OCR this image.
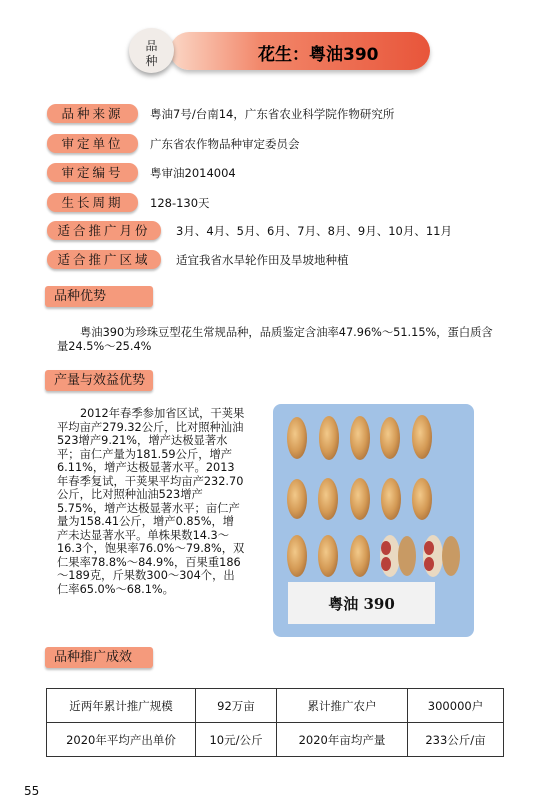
花生：粤油390
品
种
品种来源	粤油7号/台南14，广东省农业科学院作物研究所
审定单位	广东省农作物品种审定委员会
审定编号	粤审油2014004
生长周期	128-130天
适合推广月份	3月、4月、5月、6月、7月、8月、9月、10月、11月
适合推广区域	适宜我省水旱轮作田及旱坡地种植
品种优势
粤油390为珍珠豆型花生常规品种，品质鉴定含油率47.96%～51.15%，蛋白质含量24.5%～25.4%
产量与效益优势
2012年春季参加省区试，干荚果平均亩产279.32公斤，比对照种汕油523增产9.21%，增产达极显著水平；亩仁产量为181.59公斤，增产6.11%，增产达极显著水平。2013年春季复试，干荚果平均亩产232.70公斤，比对照种汕油523增产5.75%，增产达极显著水平；亩仁产量为158.41公斤，增产0.85%，增产未达显著水平。单株果数14.3～16.3个，饱果率76.0%～79.8%，双仁果率78.8%～84.9%，百果重186～189克，斤果数300～304个，出仁率65.0%～68.1%。
粤油 390
品种推广成效
近两年累计推广规模	92万亩	累计推广农户	300000户
2020年平均产出单价	10元/公斤	2020年亩均产量	233公斤/亩
55
